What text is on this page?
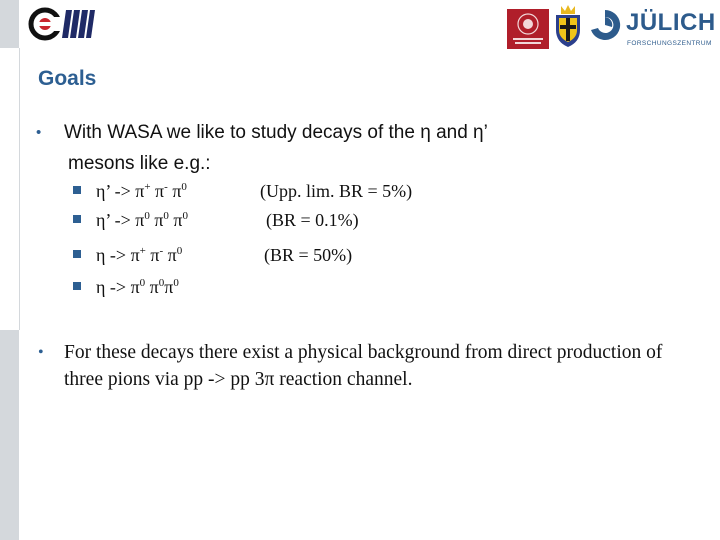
JÜLICH
FORSCHUNGSZENTRUM
Goals
•	With WASA we like to study decays of the η and η’
mesons like e.g.:
η’ -> π+ π- $\pi^0$	(Upp. lim. BR = 5%)
η’ -> $\pi^0$ $\pi^0$ $\pi^0$	(BR = 0.1%)
η -> π+ π- $\pi^0$	(BR = 50%)
$\eta -> \pi^0$ $\pi^0\pi^0$
•	For these decays there exist a physical background from direct production of three pions via pp -> pp 3π reaction channel.
